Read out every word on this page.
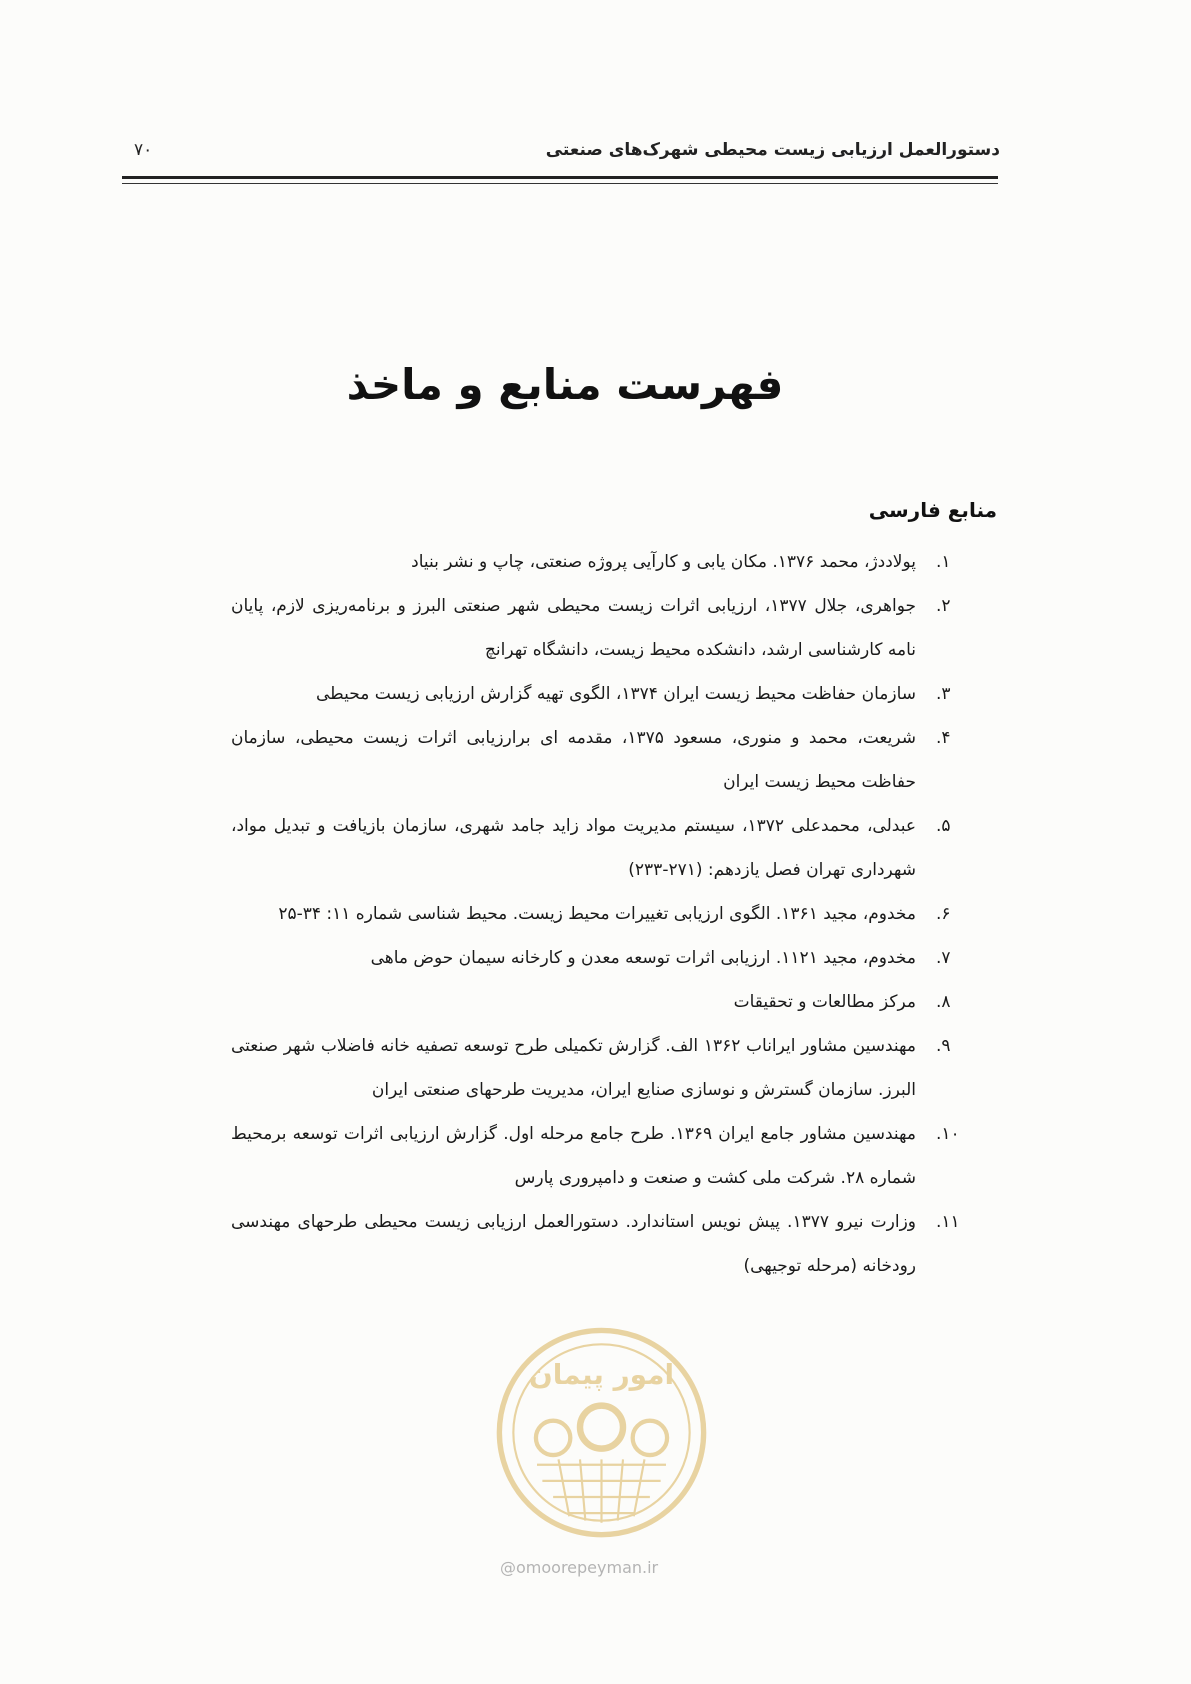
دستورالعمل ارزیابی زیست محیطی شهرک‌های صنعتی
۷۰
فهرست منابع و ماخذ
منابع فارسی
۱.
پولاددژ، محمد ۱۳۷۶. مکان یابی و کارآیی پروژه صنعتی، چاپ و نشر بنیاد
۲.
جواهری، جلال ۱۳۷۷، ارزیابی اثرات زیست محیطی شهر صنعتی البرز و برنامه‌ریزی لازم، پایان نامه کارشناسی ارشد، دانشکده محیط زیست، دانشگاه تهرانچ
۳.
سازمان حفاظت محیط زیست ایران ۱۳۷۴، الگوی تهیه گزارش ارزیابی زیست محیطی
۴.
شریعت، محمد و منوری، مسعود ۱۳۷۵، مقدمه ای برارزیابی اثرات زیست محیطی، سازمان حفاظت محیط زیست ایران
۵.
عبدلی، محمدعلی ۱۳۷۲، سیستم مدیریت مواد زاید جامد شهری، سازمان بازیافت و تبدیل مواد، شهرداری تهران فصل یازدهم: (۲۷۱-۲۳۳)
۶.
مخدوم، مجید ۱۳۶۱. الگوی ارزیابی تغییرات محیط زیست. محیط شناسی شماره ۱۱: ۳۴-۲۵
۷.
مخدوم، مجید ۱۱۲۱. ارزیابی اثرات توسعه معدن و کارخانه سیمان حوض ماهی
۸.
مرکز مطالعات و تحقیقات
۹.
مهندسین مشاور ایراناب ۱۳۶۲ الف. گزارش تکمیلی طرح توسعه تصفیه خانه فاضلاب شهر صنعتی البرز. سازمان گسترش و نوسازی صنایع ایران، مدیریت طرحهای صنعتی ایران
۱۰.
مهندسین مشاور جامع ایران ۱۳۶۹. طرح جامع مرحله اول. گزارش ارزیابی اثرات توسعه برمحیط شماره ۲۸. شرکت ملی کشت و صنعت و دامپروری پارس
۱۱.
وزارت نیرو ۱۳۷۷. پیش نویس استاندارد. دستورالعمل ارزیابی زیست محیطی طرحهای مهندسی رودخانه (مرحله توجیهی)
امور پیمان
@omoorepeyman.ir
